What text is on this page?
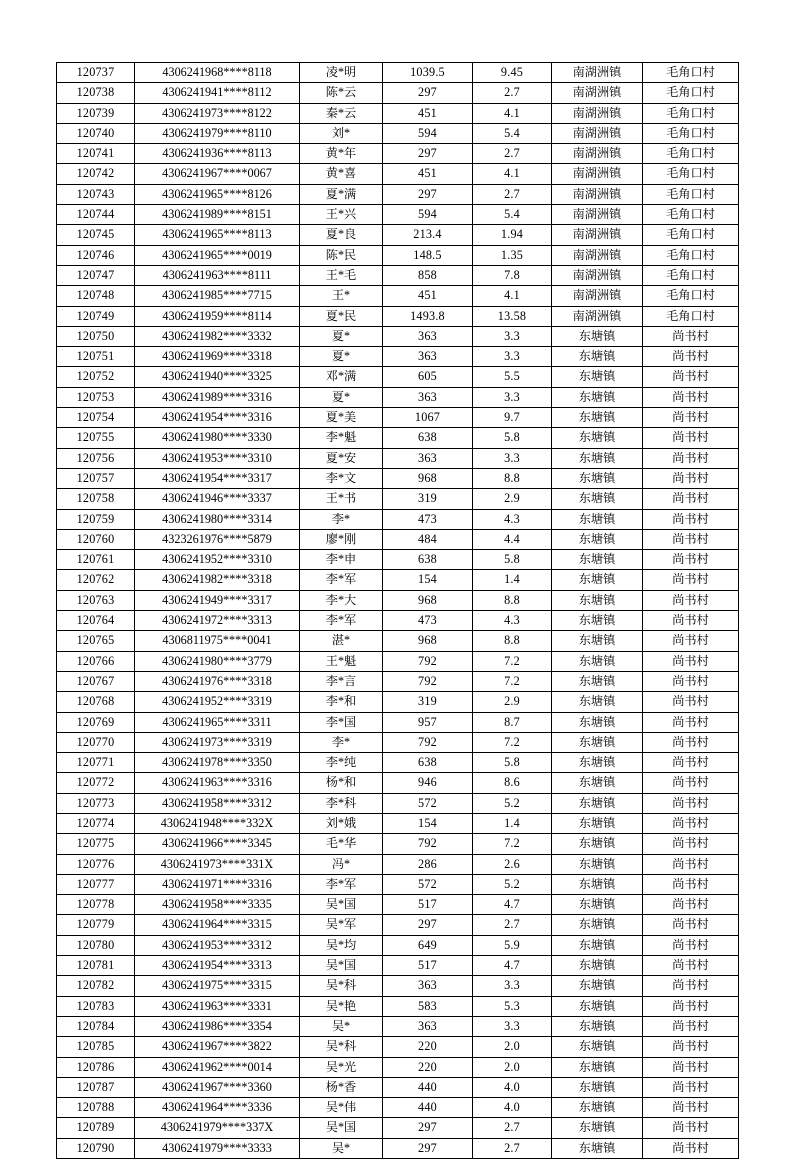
120737	4306241968****8118	凌*明	1039.5	9.45	南湖洲镇	毛角口村
120738	4306241941****8112	陈*云	297	2.7	南湖洲镇	毛角口村
120739	4306241973****8122	秦*云	451	4.1	南湖洲镇	毛角口村
120740	4306241979****8110	刘*	594	5.4	南湖洲镇	毛角口村
120741	4306241936****8113	黄*年	297	2.7	南湖洲镇	毛角口村
120742	4306241967****0067	黄*喜	451	4.1	南湖洲镇	毛角口村
120743	4306241965****8126	夏*满	297	2.7	南湖洲镇	毛角口村
120744	4306241989****8151	王*兴	594	5.4	南湖洲镇	毛角口村
120745	4306241965****8113	夏*良	213.4	1.94	南湖洲镇	毛角口村
120746	4306241965****0019	陈*民	148.5	1.35	南湖洲镇	毛角口村
120747	4306241963****8111	王*毛	858	7.8	南湖洲镇	毛角口村
120748	4306241985****7715	王*	451	4.1	南湖洲镇	毛角口村
120749	4306241959****8114	夏*民	1493.8	13.58	南湖洲镇	毛角口村
120750	4306241982****3332	夏*	363	3.3	东塘镇	尚书村
120751	4306241969****3318	夏*	363	3.3	东塘镇	尚书村
120752	4306241940****3325	邓*满	605	5.5	东塘镇	尚书村
120753	4306241989****3316	夏*	363	3.3	东塘镇	尚书村
120754	4306241954****3316	夏*美	1067	9.7	东塘镇	尚书村
120755	4306241980****3330	李*魁	638	5.8	东塘镇	尚书村
120756	4306241953****3310	夏*安	363	3.3	东塘镇	尚书村
120757	4306241954****3317	李*文	968	8.8	东塘镇	尚书村
120758	4306241946****3337	王*书	319	2.9	东塘镇	尚书村
120759	4306241980****3314	李*	473	4.3	东塘镇	尚书村
120760	4323261976****5879	廖*刚	484	4.4	东塘镇	尚书村
120761	4306241952****3310	李*申	638	5.8	东塘镇	尚书村
120762	4306241982****3318	李*军	154	1.4	东塘镇	尚书村
120763	4306241949****3317	李*大	968	8.8	东塘镇	尚书村
120764	4306241972****3313	李*军	473	4.3	东塘镇	尚书村
120765	4306811975****0041	湛*	968	8.8	东塘镇	尚书村
120766	4306241980****3779	王*魁	792	7.2	东塘镇	尚书村
120767	4306241976****3318	李*言	792	7.2	东塘镇	尚书村
120768	4306241952****3319	李*和	319	2.9	东塘镇	尚书村
120769	4306241965****3311	李*国	957	8.7	东塘镇	尚书村
120770	4306241973****3319	李*	792	7.2	东塘镇	尚书村
120771	4306241978****3350	李*纯	638	5.8	东塘镇	尚书村
120772	4306241963****3316	杨*和	946	8.6	东塘镇	尚书村
120773	4306241958****3312	李*科	572	5.2	东塘镇	尚书村
120774	4306241948****332X	刘*娥	154	1.4	东塘镇	尚书村
120775	4306241966****3345	毛*华	792	7.2	东塘镇	尚书村
120776	4306241973****331X	冯*	286	2.6	东塘镇	尚书村
120777	4306241971****3316	李*军	572	5.2	东塘镇	尚书村
120778	4306241958****3335	吴*国	517	4.7	东塘镇	尚书村
120779	4306241964****3315	吴*军	297	2.7	东塘镇	尚书村
120780	4306241953****3312	吴*均	649	5.9	东塘镇	尚书村
120781	4306241954****3313	吴*国	517	4.7	东塘镇	尚书村
120782	4306241975****3315	吴*科	363	3.3	东塘镇	尚书村
120783	4306241963****3331	吴*艳	583	5.3	东塘镇	尚书村
120784	4306241986****3354	吴*	363	3.3	东塘镇	尚书村
120785	4306241967****3822	吴*科	220	2.0	东塘镇	尚书村
120786	4306241962****0014	吴*光	220	2.0	东塘镇	尚书村
120787	4306241967****3360	杨*香	440	4.0	东塘镇	尚书村
120788	4306241964****3336	吴*伟	440	4.0	东塘镇	尚书村
120789	4306241979****337X	吴*国	297	2.7	东塘镇	尚书村
120790	4306241979****3333	吴*	297	2.7	东塘镇	尚书村
